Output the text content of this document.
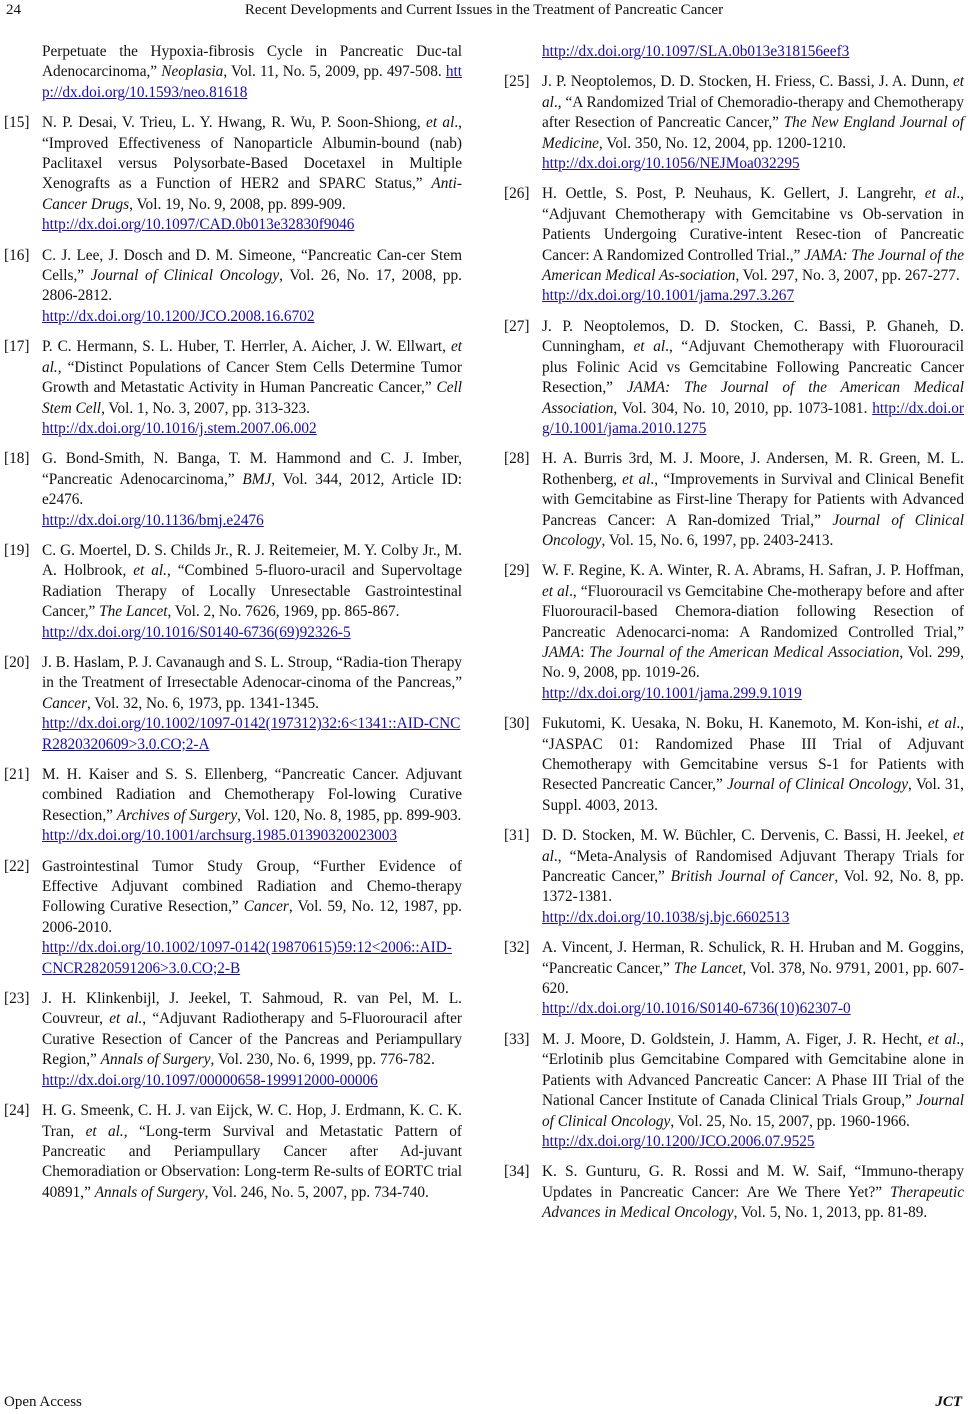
24	Recent Developments and Current Issues in the Treatment of Pancreatic Cancer
Perpetuate the Hypoxia-fibrosis Cycle in Pancreatic Duc-tal Adenocarcinoma,” Neoplasia, Vol. 11, No. 5, 2009, pp. 497-508. http://dx.doi.org/10.1593/neo.81618
[15] N. P. Desai, V. Trieu, L. Y. Hwang, R. Wu, P. Soon-Shiong, et al., “Improved Effectiveness of Nanoparticle Albumin-bound (nab) Paclitaxel versus Polysorbate-Based Docetaxel in Multiple Xenografts as a Function of HER2 and SPARC Status,” Anti-Cancer Drugs, Vol. 19, No. 9, 2008, pp. 899-909.
http://dx.doi.org/10.1097/CAD.0b013e32830f9046
[16] C. J. Lee, J. Dosch and D. M. Simeone, “Pancreatic Can-cer Stem Cells,” Journal of Clinical Oncology, Vol. 26, No. 17, 2008, pp. 2806-2812.
http://dx.doi.org/10.1200/JCO.2008.16.6702
[17] P. C. Hermann, S. L. Huber, T. Herrler, A. Aicher, J. W. Ellwart, et al., “Distinct Populations of Cancer Stem Cells Determine Tumor Growth and Metastatic Activity in Human Pancreatic Cancer,” Cell Stem Cell, Vol. 1, No. 3, 2007, pp. 313-323.
http://dx.doi.org/10.1016/j.stem.2007.06.002
[18] G. Bond-Smith, N. Banga, T. M. Hammond and C. J. Imber, “Pancreatic Adenocarcinoma,” BMJ, Vol. 344, 2012, Article ID: e2476.
http://dx.doi.org/10.1136/bmj.e2476
[19] C. G. Moertel, D. S. Childs Jr., R. J. Reitemeier, M. Y. Colby Jr., M. A. Holbrook, et al., “Combined 5-fluoro-uracil and Supervoltage Radiation Therapy of Locally Unresectable Gastrointestinal Cancer,” The Lancet, Vol. 2, No. 7626, 1969, pp. 865-867.
http://dx.doi.org/10.1016/S0140-6736(69)92326-5
[20] J. B. Haslam, P. J. Cavanaugh and S. L. Stroup, “Radia-tion Therapy in the Treatment of Irresectable Adenocar-cinoma of the Pancreas,” Cancer, Vol. 32, No. 6, 1973, pp. 1341-1345.
http://dx.doi.org/10.1002/1097-0142(197312)32:6<1341::AID-CNCR2820320609>3.0.CO;2-A
[21] M. H. Kaiser and S. S. Ellenberg, “Pancreatic Cancer. Adjuvant combined Radiation and Chemotherapy Fol-lowing Curative Resection,” Archives of Surgery, Vol. 120, No. 8, 1985, pp. 899-903.
http://dx.doi.org/10.1001/archsurg.1985.01390320023003
[22] Gastrointestinal Tumor Study Group, “Further Evidence of Effective Adjuvant combined Radiation and Chemo-therapy Following Curative Resection,” Cancer, Vol. 59, No. 12, 1987, pp. 2006-2010.
http://dx.doi.org/10.1002/1097-0142(19870615)59:12<2006::AID-CNCR2820591206>3.0.CO;2-B
[23] J. H. Klinkenbijl, J. Jeekel, T. Sahmoud, R. van Pel, M. L. Couvreur, et al., “Adjuvant Radiotherapy and 5-Fluorouracil after Curative Resection of Cancer of the Pancreas and Periampullary Region,” Annals of Surgery, Vol. 230, No. 6, 1999, pp. 776-782.
http://dx.doi.org/10.1097/00000658-199912000-00006
[24] H. G. Smeenk, C. H. J. van Eijck, W. C. Hop, J. Erdmann, K. C. K. Tran, et al., “Long-term Survival and Metastatic Pattern of Pancreatic and Periampullary Cancer after Ad-juvant Chemoradiation or Observation: Long-term Re-sults of EORTC trial 40891,” Annals of Surgery, Vol. 246, No. 5, 2007, pp. 734-740.
http://dx.doi.org/10.1097/SLA.0b013e318156eef3
[25] J. P. Neoptolemos, D. D. Stocken, H. Friess, C. Bassi, J. A. Dunn, et al., “A Randomized Trial of Chemoradio-therapy and Chemotherapy after Resection of Pancreatic Cancer,” The New England Journal of Medicine, Vol. 350, No. 12, 2004, pp. 1200-1210.
http://dx.doi.org/10.1056/NEJMoa032295
[26] H. Oettle, S. Post, P. Neuhaus, K. Gellert, J. Langrehr, et al., “Adjuvant Chemotherapy with Gemcitabine vs Ob-servation in Patients Undergoing Curative-intent Resec-tion of Pancreatic Cancer: A Randomized Controlled Trial.,” JAMA: The Journal of the American Medical As-sociation, Vol. 297, No. 3, 2007, pp. 267-277.
http://dx.doi.org/10.1001/jama.297.3.267
[27] J. P. Neoptolemos, D. D. Stocken, C. Bassi, P. Ghaneh, D. Cunningham, et al., “Adjuvant Chemotherapy with Fluorouracil plus Folinic Acid vs Gemcitabine Following Pancreatic Cancer Resection,” JAMA: The Journal of the American Medical Association, Vol. 304, No. 10, 2010, pp. 1073-1081. http://dx.doi.org/10.1001/jama.2010.1275
[28] H. A. Burris 3rd, M. J. Moore, J. Andersen, M. R. Green, M. L. Rothenberg, et al., “Improvements in Survival and Clinical Benefit with Gemcitabine as First-line Therapy for Patients with Advanced Pancreas Cancer: A Ran-domized Trial,” Journal of Clinical Oncology, Vol. 15, No. 6, 1997, pp. 2403-2413.
[29] W. F. Regine, K. A. Winter, R. A. Abrams, H. Safran, J. P. Hoffman, et al., “Fluorouracil vs Gemcitabine Che-motherapy before and after Fluorouracil-based Chemora-diation following Resection of Pancreatic Adenocarci-noma: A Randomized Controlled Trial,” JAMA: The Journal of the American Medical Association, Vol. 299, No. 9, 2008, pp. 1019-26.
http://dx.doi.org/10.1001/jama.299.9.1019
[30] Fukutomi, K. Uesaka, N. Boku, H. Kanemoto, M. Kon-ishi, et al., “JASPAC 01: Randomized Phase III Trial of Adjuvant Chemotherapy with Gemcitabine versus S-1 for Patients with Resected Pancreatic Cancer,” Journal of Clinical Oncology, Vol. 31, Suppl. 4003, 2013.
[31] D. D. Stocken, M. W. Büchler, C. Dervenis, C. Bassi, H. Jeekel, et al., “Meta-Analysis of Randomised Adjuvant Therapy Trials for Pancreatic Cancer,” British Journal of Cancer, Vol. 92, No. 8, pp. 1372-1381.
http://dx.doi.org/10.1038/sj.bjc.6602513
[32] A. Vincent, J. Herman, R. Schulick, R. H. Hruban and M. Goggins, “Pancreatic Cancer,” The Lancet, Vol. 378, No. 9791, 2001, pp. 607-620.
http://dx.doi.org/10.1016/S0140-6736(10)62307-0
[33] M. J. Moore, D. Goldstein, J. Hamm, A. Figer, J. R. Hecht, et al., “Erlotinib plus Gemcitabine Compared with Gemcitabine alone in Patients with Advanced Pancreatic Cancer: A Phase III Trial of the National Cancer Institute of Canada Clinical Trials Group,” Journal of Clinical Oncology, Vol. 25, No. 15, 2007, pp. 1960-1966.
http://dx.doi.org/10.1200/JCO.2006.07.9525
[34] K. S. Gunturu, G. R. Rossi and M. W. Saif, “Immuno-therapy Updates in Pancreatic Cancer: Are We There Yet?” Therapeutic Advances in Medical Oncology, Vol. 5, No. 1, 2013, pp. 81-89.
Open Access	JCT
